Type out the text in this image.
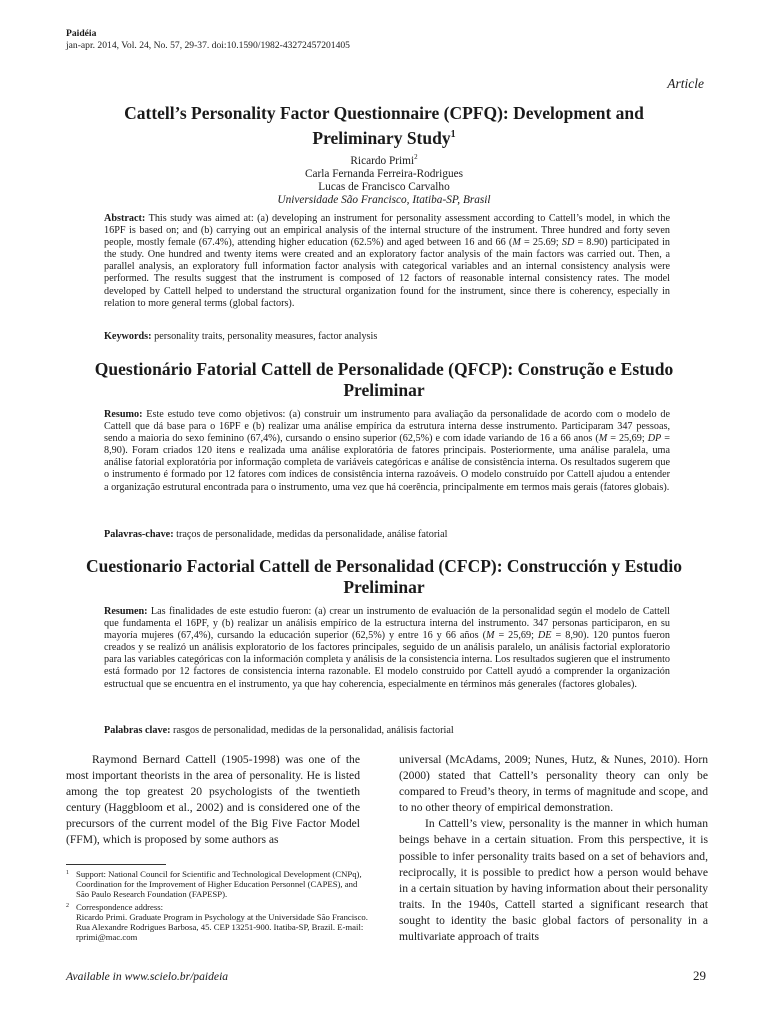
Paidéia
jan-apr. 2014, Vol. 24, No. 57, 29-37. doi:10.1590/1982-43272457201405
Article
Cattell’s Personality Factor Questionnaire (CPFQ): Development and
Preliminary Study$^1$
Ricardo Primi$^2$
Carla Fernanda Ferreira-Rodrigues
Lucas de Francisco Carvalho
Universidade São Francisco, Itatiba-SP, Brasil
Abstract: This study was aimed at: (a) developing an instrument for personality assessment according to Cattell’s model, in which the 16PF is based on; and (b) carrying out an empirical analysis of the internal structure of the instrument. Three hundred and forty seven people, mostly female (67.4%), attending higher education (62.5%) and aged between 16 and 66 (M = 25.69; SD = 8.90) participated in the study. One hundred and twenty items were created and an exploratory factor analysis of the main factors was carried out. Then, a parallel analysis, an exploratory full information factor analysis with categorical variables and an internal consistency analysis were performed. The results suggest that the instrument is composed of 12 factors of reasonable internal consistency rates. The model developed by Cattell helped to understand the structural organization found for the instrument, since there is coherency, especially in relation to more general terms (global factors).
Keywords: personality traits, personality measures, factor analysis
Questionário Fatorial Cattell de Personalidade (QFCP): Construção e Estudo
Preliminar
Resumo: Este estudo teve como objetivos: (a) construir um instrumento para avaliação da personalidade de acordo com o modelo de Cattell que dá base para o 16PF e (b) realizar uma análise empírica da estrutura interna desse instrumento. Participaram 347 pessoas, sendo a maioria do sexo feminino (67,4%), cursando o ensino superior (62,5%) e com idade variando de 16 a 66 anos (M = 25,69; DP = 8,90). Foram criados 120 itens e realizada uma análise exploratória de fatores principais. Posteriormente, uma análise paralela, uma análise fatorial exploratória por informação completa de variáveis categóricas e análise de consistência interna. Os resultados sugerem que o instrumento é formado por 12 fatores com índices de consistência interna razoáveis. O modelo construído por Cattell ajudou a entender a organização estrutural encontrada para o instrumento, uma vez que há coerência, principalmente em termos mais gerais (fatores globais).
Palavras-chave: traços de personalidade, medidas da personalidade, análise fatorial
Cuestionario Factorial Cattell de Personalidad (CFCP): Construcción y Estudio
Preliminar
Resumen: Las finalidades de este estudio fueron: (a) crear un instrumento de evaluación de la personalidad según el modelo de Cattell que fundamenta el 16PF, y (b) realizar un análisis empírico de la estructura interna del instrumento. 347 personas participaron, en su mayoría mujeres (67,4%), cursando la educación superior (62,5%) y entre 16 y 66 años (M = 25,69; DE = 8,90). 120 puntos fueron creados y se realizó un análisis exploratorio de los factores principales, seguido de un análisis paralelo, un análisis factorial exploratorio para las variables categóricas con la información completa y análisis de la consistencia interna. Los resultados sugieren que el instrumento está formado por 12 factores de consistencia interna razonable. El modelo construido por Cattell ayudó a comprender la organización estructual que se encuentra en el instrumento, ya que hay coherencia, especialmente en términos más generales (factores globales).
Palabras clave: rasgos de personalidad, medidas de la personalidad, análisis factorial

Raymond Bernard Cattell (1905-1998) was one of the most important theorists in the area of personality. He is listed among the top greatest 20 psychologists of the twentieth century (Haggbloom et al., 2002) and is considered one of the precursors of the current model of the Big Five Factor Model (FFM), which is proposed by some authors as

universal (McAdams, 2009; Nunes, Hutz, & Nunes, 2010). Horn (2000) stated that Cattell’s personality theory can only be compared to Freud’s theory, in terms of magnitude and scope, and to no other theory of empirical demonstration.

In Cattell’s view, personality is the manner in which human beings behave in a certain situation. From this perspective, it is possible to infer personality traits based on a set of behaviors and, reciprocally, it is possible to predict how a person would behave in a certain situation by having information about their personality traits. In the 1940s, Cattell started a significant research that sought to identity the basic global factors of personality in a multivariate approach of traits

1 Support: National Council for Scientific and Technological Development (CNPq), Coordination for the Improvement of Higher Education Personnel (CAPES), and São Paulo Research Foundation (FAPESP).
2 Correspondence address:
Ricardo Primi. Graduate Program in Psychology at the Universidade São Francisco. Rua Alexandre Rodrigues Barbosa, 45. CEP 13251-900. Itatiba-SP, Brazil. E-mail: rprimi@mac.com
Available in www.scielo.br/paideia	29
